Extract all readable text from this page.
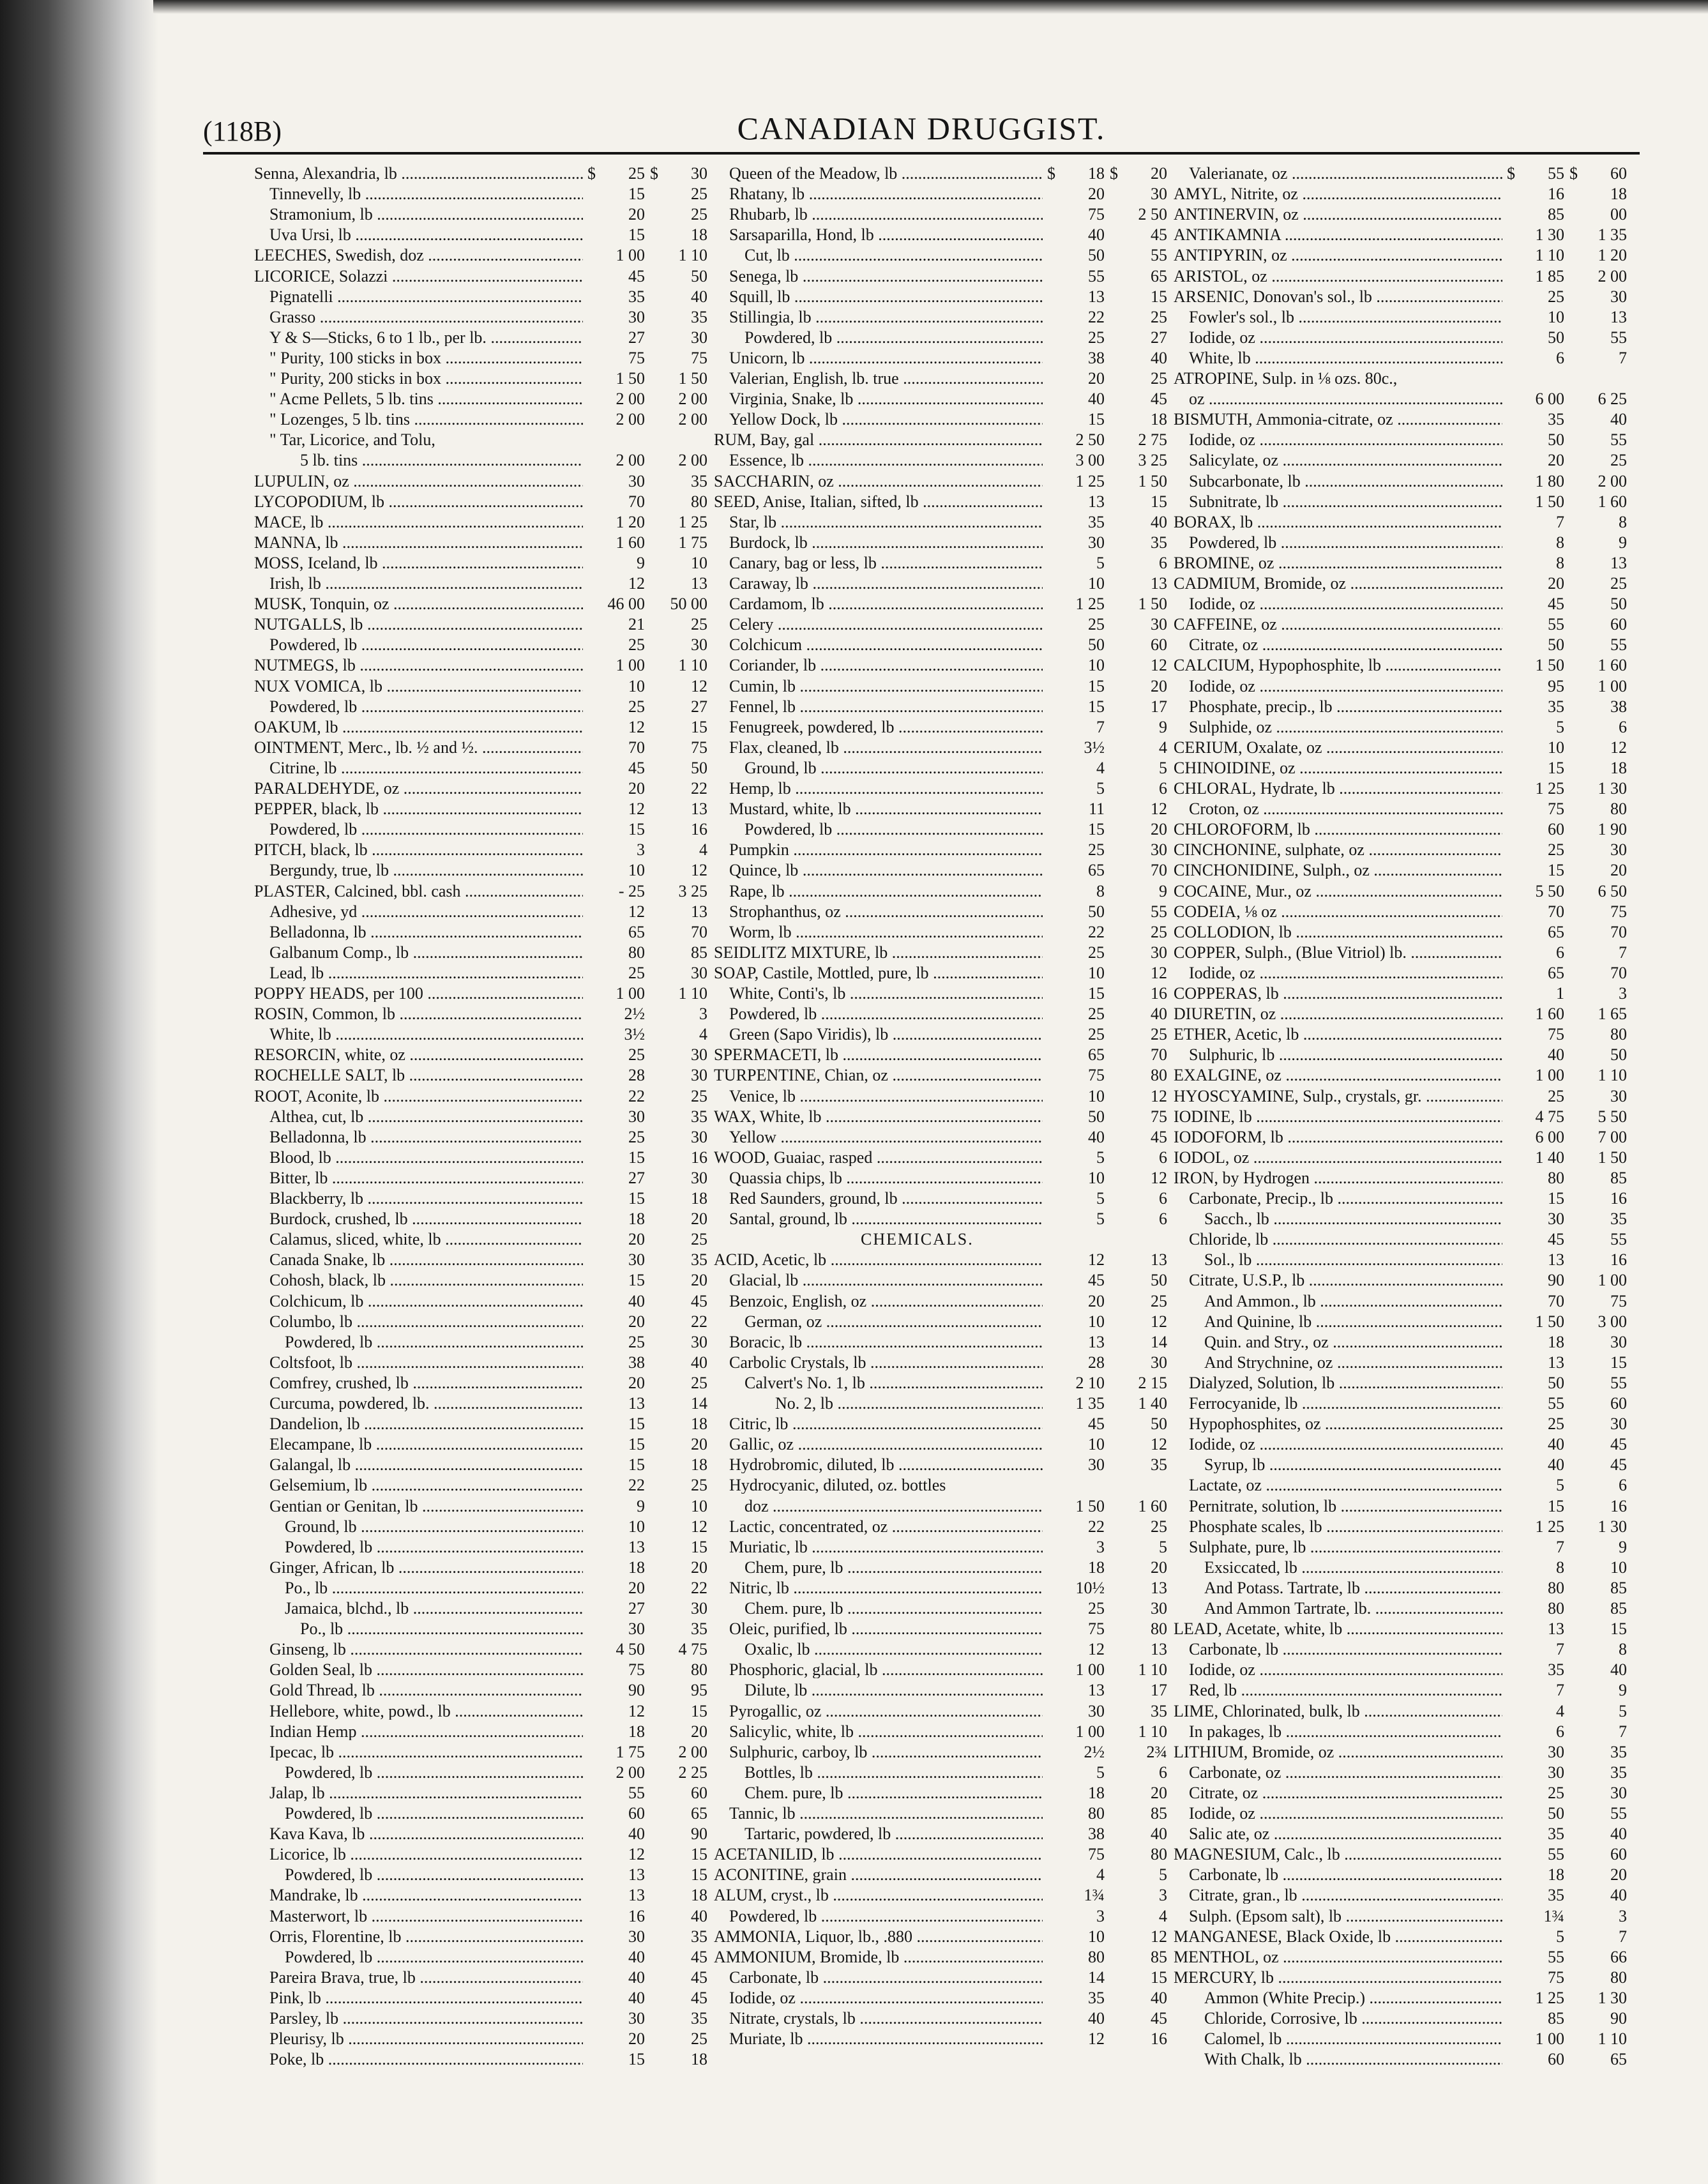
(118B)	CANADIAN DRUGGIST.
Senna, Alexandria, lb .....	$	25 $	30
Tinnevelly, lb .....	15	25
Stramonium, lb .....	20	25
Uva Ursi, lb .....	15	18
LEECHES, Swedish, doz .....	1 00	1 10
LICORICE, Solazzi .....	45	50
Pignatelli .....	35	40
Grasso .....	30	35
Y & S—Sticks, 6 to 1 lb., per lb. .....	27	30
" Purity, 100 sticks in box .....	75	75
" Purity, 200 sticks in box .....	1 50	1 50
" Acme Pellets, 5 lb. tins .....	2 00	2 00
" Lozenges, 5 lb. tins .....	2 00	2 00
" Tar, Licorice, and Tolu,
5 lb. tins .....	2 00	2 00
LUPULIN, oz .....	30	35
LYCOPODIUM, lb .....	70	80
MACE, lb .....	1 20	1 25
MANNA, lb .....	1 60	1 75
MOSS, Iceland, lb .....	9	10
Irish, lb .....	12	13
MUSK, Tonquin, oz .....	46 00	50 00
NUTGALLS, lb .....	21	25
Powdered, lb .....	25	30
NUTMEGS, lb .....	1 00	1 10
NUX VOMICA, lb .....	10	12
Powdered, lb .....	25	27
OAKUM, lb .....	12	15
OINTMENT, Merc., lb. ½ and ½. .....	70	75
Citrine, lb .....	45	50
PARALDEHYDE, oz .....	20	22
PEPPER, black, lb .....	12	13
Powdered, lb .....	15	16
PITCH, black, lb .....	3	4
Bergundy, true, lb .....	10	12
PLASTER, Calcined, bbl. cash .....	- 25	3 25
Adhesive, yd .....	12	13
Belladonna, lb .....	65	70
Galbanum Comp., lb .....	80	85
Lead, lb .....	25	30
POPPY HEADS, per 100 .....	1 00	1 10
ROSIN, Common, lb .....	2½	3
White, lb .....	3½	4
RESORCIN, white, oz .....	25	30
ROCHELLE SALT, lb .....	28	30
ROOT, Aconite, lb .....	22	25
Althea, cut, lb .....	30	35
Belladonna, lb .....	25	30
Blood, lb .....	15	16
Bitter, lb .....	27	30
Blackberry, lb .....	15	18
Burdock, crushed, lb .....	18	20
Calamus, sliced, white, lb .....	20	25
Canada Snake, lb .....	30	35
Cohosh, black, lb .....	15	20
Colchicum, lb .....	40	45
Columbo, lb .....	20	22
Powdered, lb .....	25	30
Coltsfoot, lb .....	38	40
Comfrey, crushed, lb .....	20	25
Curcuma, powdered, lb. .....	13	14
Dandelion, lb .....	15	18
Elecampane, lb .....	15	20
Galangal, lb .....	15	18
Gelsemium, lb .....	22	25
Gentian or Genitan, lb .....	9	10
Ground, lb .....	10	12
Powdered, lb .....	13	15
Ginger, African, lb .....	18	20
Po., lb .....	20	22
Jamaica, blchd., lb .....	27	30
Po., lb .....	30	35
Ginseng, lb .....	4 50	4 75
Golden Seal, lb .....	75	80
Gold Thread, lb .....	90	95
Hellebore, white, powd., lb .....	12	15
Indian Hemp .....	18	20
Ipecac, lb .....	1 75	2 00
Powdered, lb .....	2 00	2 25
Jalap, lb .....	55	60
Powdered, lb .....	60	65
Kava Kava, lb .....	40	90
Licorice, lb .....	12	15
Powdered, lb .....	13	15
Mandrake, lb .....	13	18
Masterwort, lb .....	16	40
Orris, Florentine, lb .....	30	35
Powdered, lb .....	40	45
Pareira Brava, true, lb .....	40	45
Pink, lb .....	40	45
Parsley, lb .....	30	35
Pleurisy, lb .....	20	25
Poke, lb .....	15	18
Queen of the Meadow, lb .....	$	18 $	20
Rhatany, lb .....	20	30
Rhubarb, lb .....	75	2 50
Sarsaparilla, Hond, lb .....	40	45
Cut, lb .....	50	55
Senega, lb .....	55	65
Squill, lb .....	13	15
Stillingia, lb .....	22	25
Powdered, lb .....	25	27
Unicorn, lb .....	38	40
Valerian, English, lb. true .....	20	25
Virginia, Snake, lb .....	40	45
Yellow Dock, lb .....	15	18
RUM, Bay, gal .....	2 50	2 75
Essence, lb .....	3 00	3 25
SACCHARIN, oz .....	1 25	1 50
SEED, Anise, Italian, sifted, lb .....	13	15
Star, lb .....	35	40
Burdock, lb .....	30	35
Canary, bag or less, lb .....	5	6
Caraway, lb .....	10	13
Cardamom, lb .....	1 25	1 50
Celery .....	25	30
Colchicum .....	50	60
Coriander, lb .....	10	12
Cumin, lb .....	15	20
Fennel, lb .....	15	17
Fenugreek, powdered, lb .....	7	9
Flax, cleaned, lb .....	3½	4
Ground, lb .....	4	5
Hemp, lb .....	5	6
Mustard, white, lb .....	11	12
Powdered, lb .....	15	20
Pumpkin .....	25	30
Quince, lb .....	65	70
Rape, lb .....	8	9
Strophanthus, oz .....	50	55
Worm, lb .....	22	25
SEIDLITZ MIXTURE, lb .....	25	30
SOAP, Castile, Mottled, pure, lb .....	10	12
White, Conti's, lb .....	15	16
Powdered, lb .....	25	40
Green (Sapo Viridis), lb .....	25	25
SPERMACETI, lb .....	65	70
TURPENTINE, Chian, oz .....	75	80
Venice, lb .....	10	12
WAX, White, lb .....	50	75
Yellow .....	40	45
WOOD, Guaiac, rasped .....	5	6
Quassia chips, lb .....	10	12
Red Saunders, ground, lb .....	5	6
Santal, ground, lb .....	5	6
CHEMICALS.
ACID, Acetic, lb .....	12	13
Glacial, lb .....	45	50
Benzoic, English, oz .....	20	25
German, oz .....	10	12
Boracic, lb .....	13	14
Carbolic Crystals, lb .....	28	30
Calvert's No. 1, lb .....	2 10	2 15
No. 2, lb .....	1 35	1 40
Citric, lb .....	45	50
Gallic, oz .....	10	12
Hydrobromic, diluted, lb .....	30	35
Hydrocyanic, diluted, oz. bottles
doz .....	1 50	1 60
Lactic, concentrated, oz .....	22	25
Muriatic, lb .....	3	5
Chem, pure, lb .....	18	20
Nitric, lb .....	10½	13
Chem. pure, lb .....	25	30
Oleic, purified, lb .....	75	80
Oxalic, lb .....	12	13
Phosphoric, glacial, lb .....	1 00	1 10
Dilute, lb .....	13	17
Pyrogallic, oz .....	30	35
Salicylic, white, lb .....	1 00	1 10
Sulphuric, carboy, lb .....	2½	2¾
Bottles, lb .....	5	6
Chem. pure, lb .....	18	20
Tannic, lb .....	80	85
Tartaric, powdered, lb .....	38	40
ACETANILID, lb .....	75	80
ACONITINE, grain .....	4	5
ALUM, cryst., lb .....	1¾	3
Powdered, lb .....	3	4
AMMONIA, Liquor, lb., .880 .....	10	12
AMMONIUM, Bromide, lb .....	80	85
Carbonate, lb .....	14	15
Iodide, oz .....	35	40
Nitrate, crystals, lb .....	40	45
Muriate, lb .....	12	16
Valerianate, oz .....	$	55 $	60
AMYL, Nitrite, oz .....	16	18
ANTINERVIN, oz .....	85	00
ANTIKAMNIA .....	1 30	1 35
ANTIPYRIN, oz .....	1 10	1 20
ARISTOL, oz .....	1 85	2 00
ARSENIC, Donovan's sol., lb .....	25	30
Fowler's sol., lb .....	10	13
Iodide, oz .....	50	55
White, lb .....	6	7
ATROPINE, Sulp. in ⅛ ozs. 80c.,
oz .....	6 00	6 25
BISMUTH, Ammonia-citrate, oz .....	35	40
Iodide, oz .....	50	55
Salicylate, oz .....	20	25
Subcarbonate, lb .....	1 80	2 00
Subnitrate, lb .....	1 50	1 60
BORAX, lb .....	7	8
Powdered, lb .....	8	9
BROMINE, oz .....	8	13
CADMIUM, Bromide, oz .....	20	25
Iodide, oz .....	45	50
CAFFEINE, oz .....	55	60
Citrate, oz .....	50	55
CALCIUM, Hypophosphite, lb .....	1 50	1 60
Iodide, oz .....	95	1 00
Phosphate, precip., lb .....	35	38
Sulphide, oz .....	5	6
CERIUM, Oxalate, oz .....	10	12
CHINOIDINE, oz .....	15	18
CHLORAL, Hydrate, lb .....	1 25	1 30
Croton, oz .....	75	80
CHLOROFORM, lb .....	60	1 90
CINCHONINE, sulphate, oz .....	25	30
CINCHONIDINE, Sulph., oz .....	15	20
COCAINE, Mur., oz .....	5 50	6 50
CODEIA, ⅛ oz .....	70	75
COLLODION, lb .....	65	70
COPPER, Sulph., (Blue Vitriol) lb. .....	6	7
Iodide, oz .....	65	70
COPPERAS, lb .....	1	3
DIURETIN, oz .....	1 60	1 65
ETHER, Acetic, lb .....	75	80
Sulphuric, lb .....	40	50
EXALGINE, oz .....	1 00	1 10
HYOSCYAMINE, Sulp., crystals, gr. .....	25	30
IODINE, lb .....	4 75	5 50
IODOFORM, lb .....	6 00	7 00
IODOL, oz .....	1 40	1 50
IRON, by Hydrogen .....	80	85
Carbonate, Precip., lb .....	15	16
Sacch., lb .....	30	35
Chloride, lb .....	45	55
Sol., lb .....	13	16
Citrate, U.S.P., lb .....	90	1 00
And Ammon., lb .....	70	75
And Quinine, lb .....	1 50	3 00
Quin. and Stry., oz .....	18	30
And Strychnine, oz .....	13	15
Dialyzed, Solution, lb .....	50	55
Ferrocyanide, lb .....	55	60
Hypophosphites, oz .....	25	30
Iodide, oz .....	40	45
Syrup, lb .....	40	45
Lactate, oz .....	5	6
Pernitrate, solution, lb .....	15	16
Phosphate scales, lb .....	1 25	1 30
Sulphate, pure, lb .....	7	9
Exsiccated, lb .....	8	10
And Potass. Tartrate, lb .....	80	85
And Ammon Tartrate, lb. .....	80	85
LEAD, Acetate, white, lb .....	13	15
Carbonate, lb .....	7	8
Iodide, oz .....	35	40
Red, lb .....	7	9
LIME, Chlorinated, bulk, lb .....	4	5
In pakages, lb .....	6	7
LITHIUM, Bromide, oz .....	30	35
Carbonate, oz .....	30	35
Citrate, oz .....	25	30
Iodide, oz .....	50	55
Salic ate, oz .....	35	40
MAGNESIUM, Calc., lb .....	55	60
Carbonate, lb .....	18	20
Citrate, gran., lb .....	35	40
Sulph. (Epsom salt), lb .....	1¾	3
MANGANESE, Black Oxide, lb .....	5	7
MENTHOL, oz .....	55	66
MERCURY, lb .....	75	80
Ammon (White Precip.) .....	1 25	1 30
Chloride, Corrosive, lb .....	85	90
Calomel, lb .....	1 00	1 10
With Chalk, lb .....	60	65
